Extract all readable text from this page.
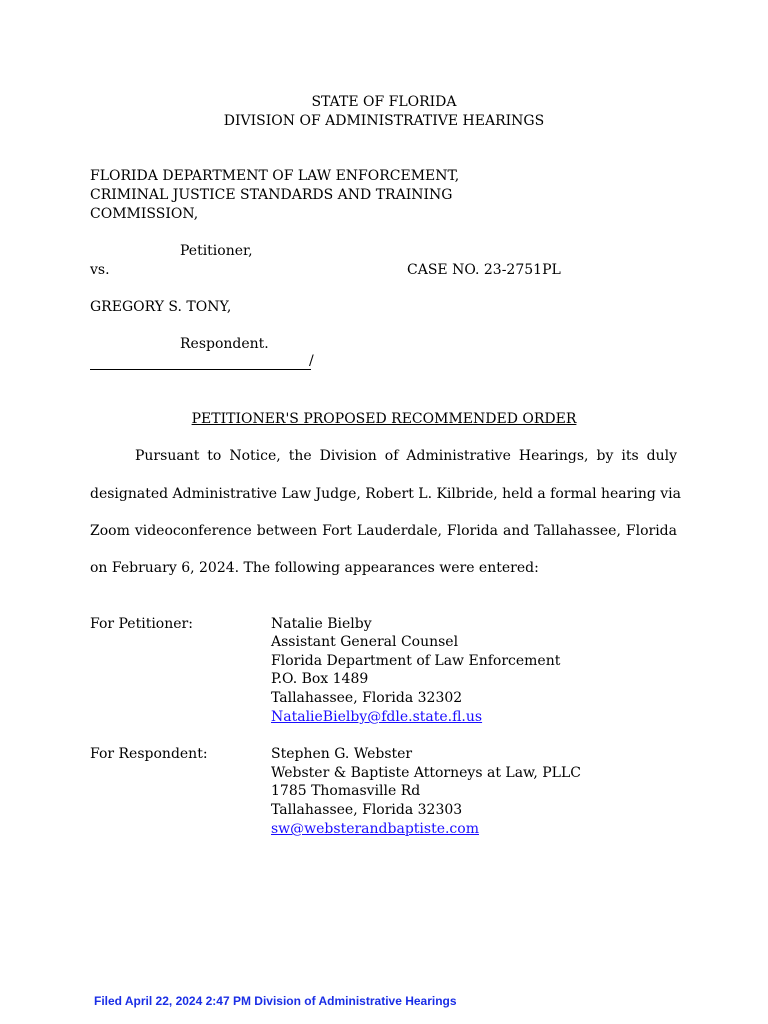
STATE OF FLORIDA
DIVISION OF ADMINISTRATIVE HEARINGS
FLORIDA DEPARTMENT OF LAW ENFORCEMENT,
CRIMINAL JUSTICE STANDARDS AND TRAINING
COMMISSION,
Petitioner,
vs.	CASE NO. 23-2751PL
GREGORY S. TONY,
Respondent.
/
PETITIONER'S PROPOSED RECOMMENDED ORDER
Pursuant to Notice, the Division of Administrative Hearings, by its duly
designated Administrative Law Judge, Robert L. Kilbride, held a formal hearing via
Zoom videoconference between Fort Lauderdale, Florida and Tallahassee, Florida
on February 6, 2024. The following appearances were entered:
For Petitioner:	Natalie Bielby
Assistant General Counsel
Florida Department of Law Enforcement
P.O. Box 1489
Tallahassee, Florida 32302
NatalieBielby@fdle.state.fl.us
For Respondent:	Stephen G. Webster
Webster & Baptiste Attorneys at Law, PLLC
1785 Thomasville Rd
Tallahassee, Florida 32303
sw@websterandbaptiste.com
Filed April 22, 2024 2:47 PM Division of Administrative Hearings
